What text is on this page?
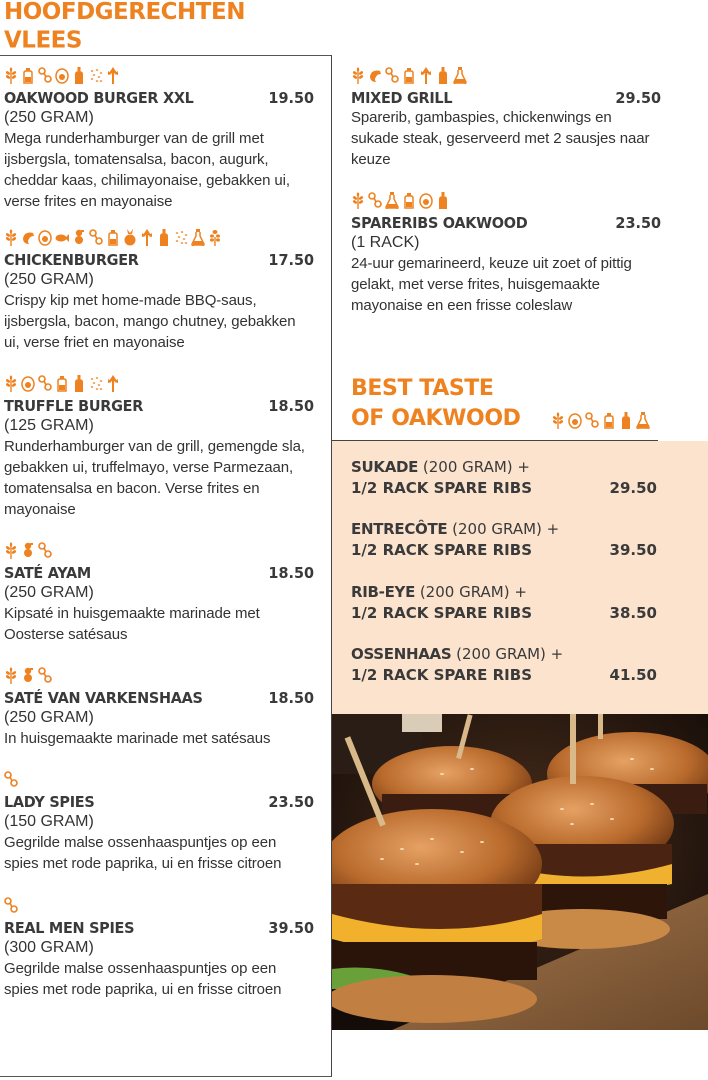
HOOFDGERECHTEN
VLEES
OAKWOOD BURGER XXL	19.50
(250 GRAM)
Mega runderhamburger van de grill met ijsbergsla, tomatensalsa, bacon, augurk, cheddar kaas, chilimayonaise, gebakken ui, verse frites en mayonaise
CHICKENBURGER	17.50
(250 GRAM)
Crispy kip met home-made BBQ-saus, ijsbergsla, bacon, mango chutney, gebakken ui, verse friet en mayonaise
TRUFFLE BURGER	18.50
(125 GRAM)
Runderhamburger van de grill, gemengde sla, gebakken ui, truffelmayo, verse Parmezaan, tomatensalsa en bacon. Verse frites en mayonaise
SATÉ AYAM	18.50
(250 GRAM)
Kipsaté in huisgemaakte marinade met Oosterse satésaus
SATÉ VAN VARKENSHAAS	18.50
(250 GRAM)
In huisgemaakte marinade met satésaus
LADY SPIES	23.50
(150 GRAM)
Gegrilde malse ossenhaaspuntjes op een spies met rode paprika, ui en frisse citroen
REAL MEN SPIES	39.50
(300 GRAM)
Gegrilde malse ossenhaaspuntjes op een spies met rode paprika, ui en frisse citroen
MIXED GRILL	29.50
Sparerib, gambaspies, chickenwings en sukade steak, geserveerd met 2 sausjes naar keuze
SPARERIBS OAKWOOD	23.50
(1 RACK)
24-uur gemarineerd, keuze uit zoet of pittig gelakt, met verse frites, huisgemaakte mayonaise en een frisse coleslaw
BEST TASTE
OF OAKWOOD
SUKADE (200 GRAM) +
1/2 RACK SPARE RIBS	29.50
ENTRECÔTE (200 GRAM) +
1/2 RACK SPARE RIBS	39.50
RIB-EYE (200 GRAM) +
1/2 RACK SPARE RIBS	38.50
OSSENHAAS (200 GRAM) +
1/2 RACK SPARE RIBS	41.50
